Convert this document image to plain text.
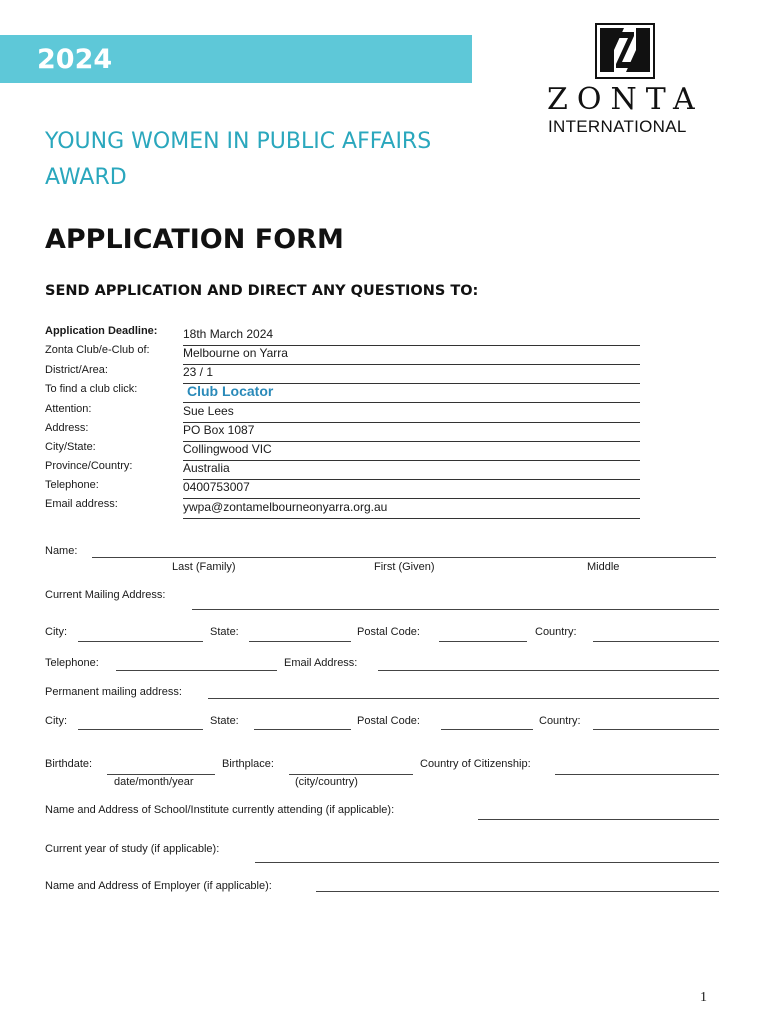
2024
ZONTA
INTERNATIONAL
YOUNG WOMEN IN PUBLIC AFFAIRS
AWARD
APPLICATION FORM
SEND APPLICATION AND DIRECT ANY QUESTIONS TO:
Application Deadline: 18th March 2024
Zonta Club/e-Club of:	Melbourne on Yarra
District/Area:	23 / 1
To find a club click:	Club Locator
Attention:	Sue Lees
Address:	PO Box 1087
City/State:	Collingwood VIC
Province/Country:	Australia
Telephone:	0400753007
Email address:	ywpa@zontamelbourneonyarra.org.au
Name:
Last (Family)	First (Given)	Middle
Current Mailing Address:
City:	State:	Postal Code:	Country:
Telephone:	Email Address:
Permanent mailing address:
City:	State:	Postal Code:	Country:
Birthdate:
date/month/year
Birthplace:
(city/country)
Country of Citizenship:
Name and Address of School/Institute currently attending (if applicable):
Current year of study (if applicable):
Name and Address of Employer (if applicable):
1
